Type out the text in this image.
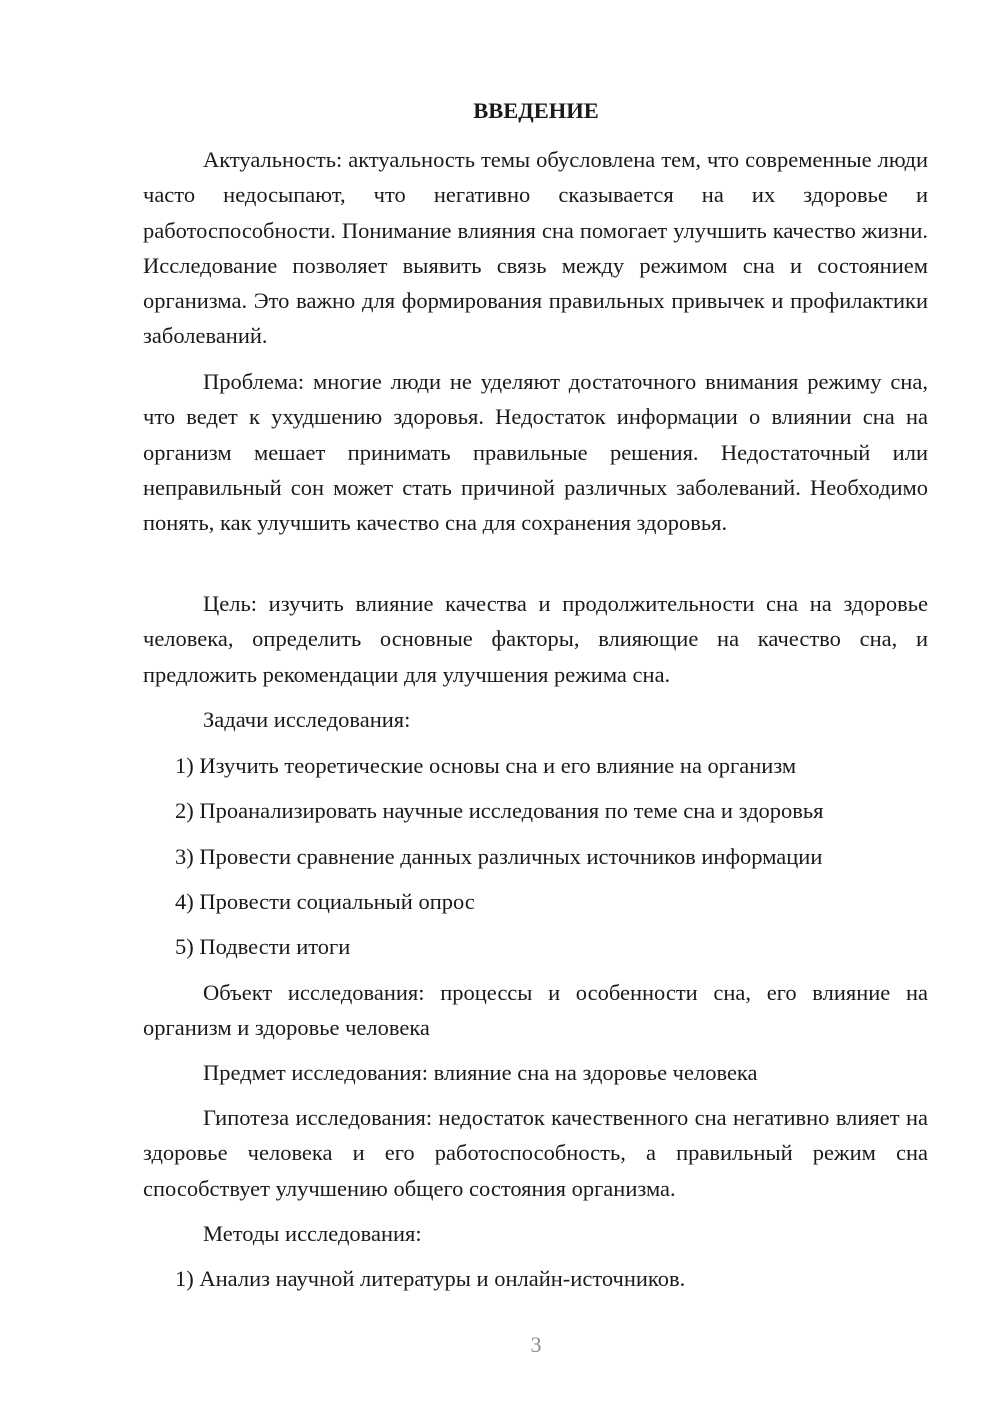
ВВЕДЕНИЕ

Актуальность: актуальность темы обусловлена тем, что современные люди часто недосыпают, что негативно сказывается на их здоровье и работоспособности. Понимание влияния сна помогает улучшить качество жизни. Исследование позволяет выявить связь между режимом сна и состоянием организма. Это важно для формирования правильных привычек и профилактики заболеваний.

Проблема: многие люди не уделяют достаточного внимания режиму сна, что ведет к ухудшению здоровья. Недостаток информации о влиянии сна на организм мешает принимать правильные решения. Недостаточный или неправильный сон может стать причиной различных заболеваний. Необходимо понять, как улучшить качество сна для сохранения здоровья.

Цель: изучить влияние качества и продолжительности сна на здоровье человека, определить основные факторы, влияющие на качество сна, и предложить рекомендации для улучшения режима сна.

Задачи исследования:

1) Изучить теоретические основы сна и его влияние на организм

2) Проанализировать научные исследования по теме сна и здоровья

3) Провести сравнение данных различных источников информации

4) Провести социальный опрос

5) Подвести итоги

Объект исследования: процессы и особенности сна, его влияние на организм и здоровье человека

Предмет исследования: влияние сна на здоровье человека

Гипотеза исследования: недостаток качественного сна негативно влияет на здоровье человека и его работоспособность, а правильный режим сна способствует улучшению общего состояния организма.

Методы исследования:

1) Анализ научной литературы и онлайн-источников.

3
